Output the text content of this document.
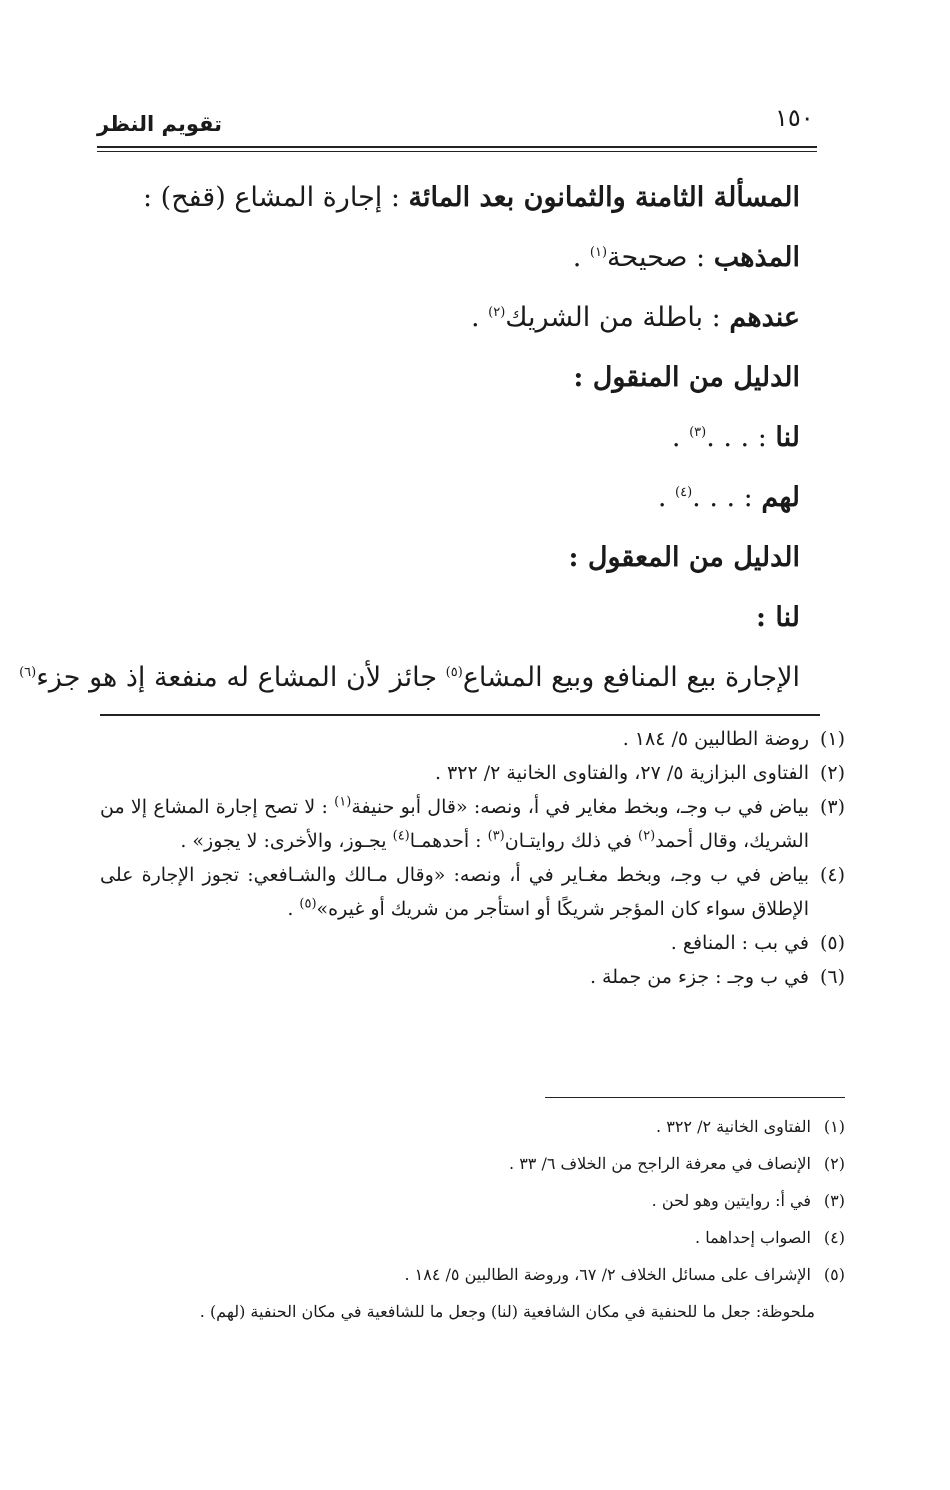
تقويم النظر	١٥٠
المسألة الثامنة والثمانون بعد المائة : إجارة المشاع (قفح) :
المذهب : صحيحة$^{(١)}$ .
عندهم : باطلة من الشريك$^{(٢)}$ .
الدليل من المنقول :
لنا : . . .$^{(٣)}$ .
لهم : . . .$^{(٤)}$ .
الدليل من المعقول :
لنا :
الإجارة بيع المنافع وبيع المشاع$^{(٥)}$ جائز لأن المشاع له منفعة إذ هو جزء$^{(٦)}$

(١)روضة الطالبين ٥/ ١٨٤ .

(٢)الفتاوى البزازية ٥/ ٢٧، والفتاوى الخانية ٢/ ٣٢٢ .

(٣)بياض في ب وجـ، وبخط مغاير في أ، ونصه: «قال أبو حنيفة$^{(١)}$ : لا تصح إجارة المشاع إلا من الشريك، وقال أحمد$^{(٢)}$ في ذلك روايتـان$^{(٣)}$ : أحدهمـا$^{(٤)}$ يجـوز، والأخرى: لا يجوز» .

(٤)بياض في ب وجـ، وبخط مغـاير في أ، ونصه: «وقال مـالك والشـافعي: تجوز الإجارة على الإطلاق سواء كان المؤجر شريكًا أو استأجر من شريك أو غيره»$^{(٥)}$ .

(٥)في بب : المنافع .

(٦)في ب وجـ : جزء من جملة .

(١)الفتاوى الخانية ٢/ ٣٢٢ .

(٢)الإنصاف في معرفة الراجح من الخلاف ٦/ ٣٣ .

(٣)في أ: روايتين وهو لحن .

(٤)الصواب إحداهما .

(٥)الإشراف على مسائل الخلاف ٢/ ٦٧، وروضة الطالبين ٥/ ١٨٤ .

ملحوظة: جعل ما للحنفية في مكان الشافعية (لنا) وجعل ما للشافعية في مكان الحنفية (لهم) .
